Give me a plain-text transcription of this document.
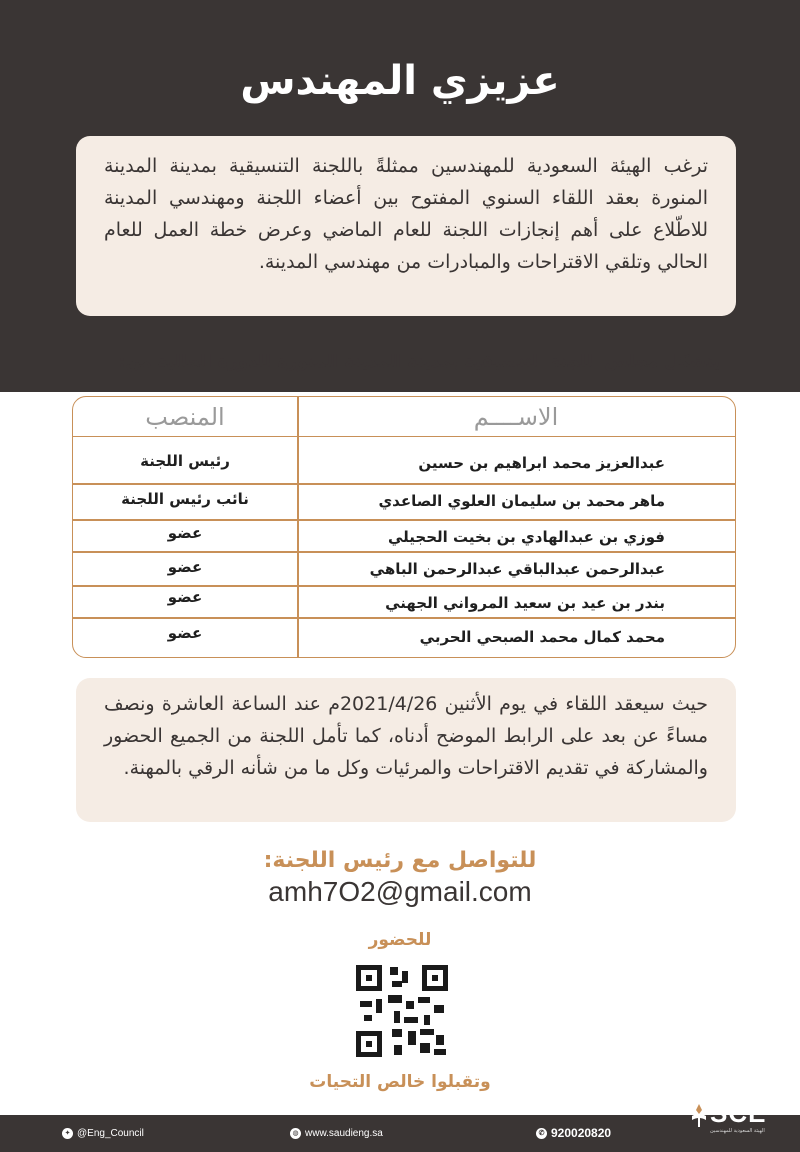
عزيزي المهندس

ترغب الهيئة السعودية للمهندسين ممثلةً باللجنة التنسيقية بمدينة المدينة المنورة بعقد اللقاء السنوي المفتوح بين أعضاء اللجنة ومهندسي المدينة للاطّلاع على أهم إنجازات اللجنة للعام الماضي وعرض خطة العمل للعام الحالي وتلقي الاقتراحات والمبادرات من مهندسي المدينة.

يتشكل مجلس اللجنة التنسيقية بمدينة المدينة المنورة للدورة الحالية من:
الاســــم
المنصب
عبدالعزيز محمد ابراهيم بن حسين
رئيس اللجنة
ماهر محمد بن سليمان العلوي الصاعدي
نائب رئيس اللجنة
فوزي بن عبدالهادي بن بخيت الحجيلي
عضو
عبدالرحمن عبدالباقي عبدالرحمن الباهي
عضو
بندر بن عيد بن سعيد المرواني الجهني
عضو
محمد كمال محمد الصبحي الحربي
عضو

حيث سيعقد اللقاء في يوم الأثنين 2021/4/26م عند الساعة العاشرة ونصف مساءً عن بعد على الرابط الموضح أدناه، كما تأمل اللجنة من الجميع الحضور والمشاركة في تقديم الاقتراحات والمرئيات وكل ما من شأنه الرقي بالمهنة.

للتواصل مع رئيس اللجنة:
amh7O2@gmail.com
للحضور
وتقبلوا خالص التحيات
✦ @Eng_Council	◍ www.saudieng.sa	✆ 920020820
SCE
الهيئة السعودية للمهندسين
